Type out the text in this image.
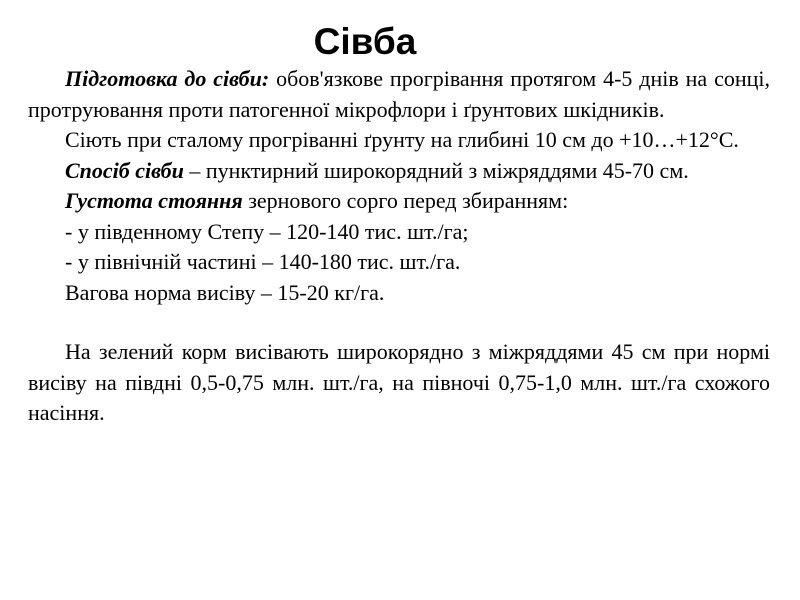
Сівба

Підготовка до сівби: обов'язкове прогрівання протягом 4-5 днів на сонці, протруювання проти патогенної мікрофлори і ґрунтових шкідників.

Сіють при сталому прогріванні ґрунту на глибині 10 см до +10…+12°С.

Спосіб сівби – пунктирний широкорядний з міжряддями 45-70 см.

Густота стояння зернового сорго перед збиранням:

- у південному Степу – 120-140 тис. шт./га;

- у північній частині – 140-180 тис. шт./га.

Вагова норма висіву – 15-20 кг/га.

На зелений корм висівають широкорядно з міжряддями 45 см при нормі висіву на півдні 0,5-0,75 млн. шт./га, на півночі 0,75-1,0 млн. шт./га схожого насіння.
